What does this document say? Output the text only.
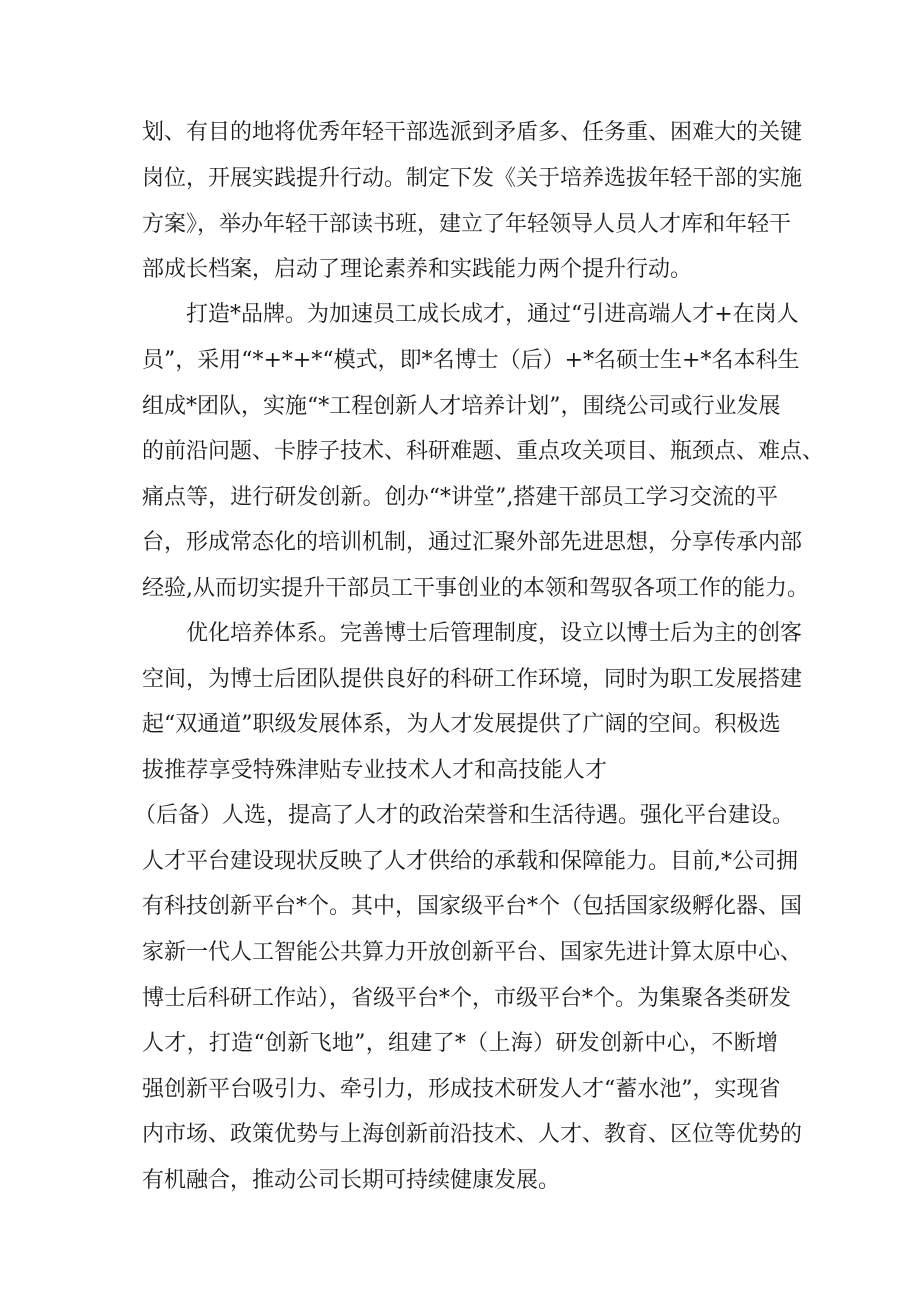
划、有目的地将优秀年轻干部选派到矛盾多、任务重、困难大的关键
岗位，开展实践提升行动。制定下发《关于培养选拔年轻干部的实施
方案》，举办年轻干部读书班，建立了年轻领导人员人才库和年轻干
部成长档案，启动了理论素养和实践能力两个提升行动。
打造*品牌。为加速员工成长成才，通过“引进高端人才+在岗人
员”，采用“*+*+*“模式，即*名博士（后）+*名硕士生+*名本科生
组成*团队，实施“*工程创新人才培养计划”，围绕公司或行业发展
的前沿问题、卡脖子技术、科研难题、重点攻关项目、瓶颈点、难点、
痛点等，进行研发创新。创办“*讲堂”,搭建干部员工学习交流的平
台，形成常态化的培训机制，通过汇聚外部先进思想，分享传承内部
经验,从而切实提升干部员工干事创业的本领和驾驭各项工作的能力。
优化培养体系。完善博士后管理制度，设立以博士后为主的创客
空间，为博士后团队提供良好的科研工作环境，同时为职工发展搭建
起“双通道”职级发展体系，为人才发展提供了广阔的空间。积极选
拔推荐享受特殊津贴专业技术人才和高技能人才
（后备）人选，提高了人才的政治荣誉和生活待遇。强化平台建设。
人才平台建设现状反映了人才供给的承载和保障能力。目前,*公司拥
有科技创新平台*个。其中，国家级平台*个（包括国家级孵化器、国
家新一代人工智能公共算力开放创新平台、国家先进计算太原中心、
博士后科研工作站），省级平台*个，市级平台*个。为集聚各类研发
人才，打造“创新飞地”，组建了*（上海）研发创新中心，不断增
强创新平台吸引力、牵引力，形成技术研发人才“蓄水池”，实现省
内市场、政策优势与上海创新前沿技术、人才、教育、区位等优势的
有机融合，推动公司长期可持续健康发展。
